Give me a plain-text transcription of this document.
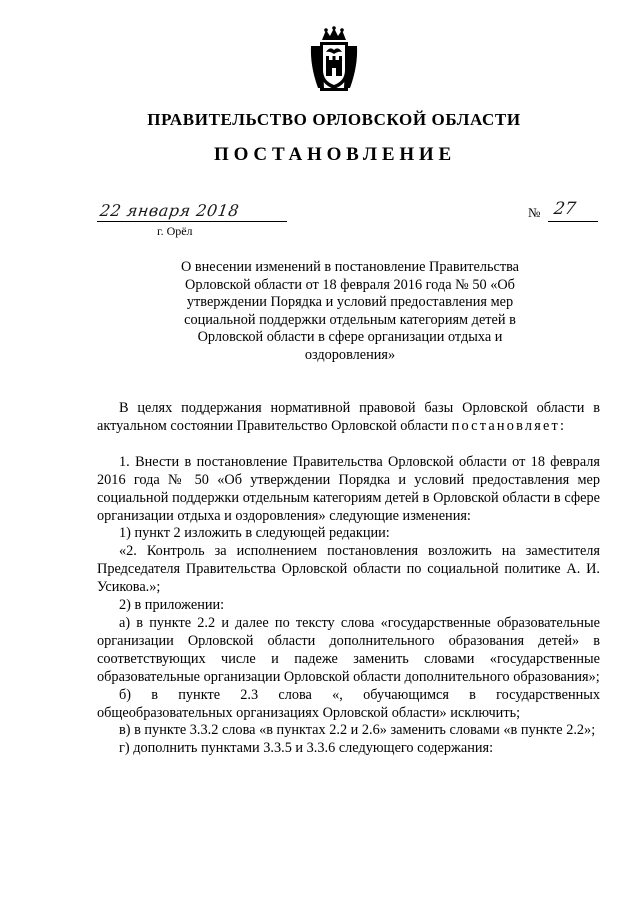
ПРАВИТЕЛЬСТВО ОРЛОВСКОЙ ОБЛАСТИ
ПОСТАНОВЛЕНИЕ
22 января 2018
г. Орёл
№ 27
О внесении изменений в постановление Правительства Орловской области от 18 февраля 2016 года № 50 «Об утверждении Порядка и условий предоставления мер социальной поддержки отдельным категориям детей в Орловской области в сфере организации отдыха и оздоровления»

В целях поддержания нормативной правовой базы Орловской области в актуальном состоянии Правительство Орловской области постановляет:

1. Внести в постановление Правительства Орловской области от 18 февраля 2016 года № 50 «Об утверждении Порядка и условий предоставления мер социальной поддержки отдельным категориям детей в Орловской области в сфере организации отдыха и оздоровления» следующие изменения:

1) пункт 2 изложить в следующей редакции:

«2. Контроль за исполнением постановления возложить на заместителя Председателя Правительства Орловской области по социальной политике А. И. Усикова.»;

2) в приложении:

а) в пункте 2.2 и далее по тексту слова «государственные образовательные организации Орловской области дополнительного образования детей» в соответствующих числе и падеже заменить словами «государственные образовательные организации Орловской области дополнительного образования»;

б) в пункте 2.3 слова «, обучающимся в государственных общеобразовательных организациях Орловской области» исключить;

в) в пункте 3.3.2 слова «в пунктах 2.2 и 2.6» заменить словами «в пункте 2.2»;

г) дополнить пунктами 3.3.5 и 3.3.6 следующего содержания:
